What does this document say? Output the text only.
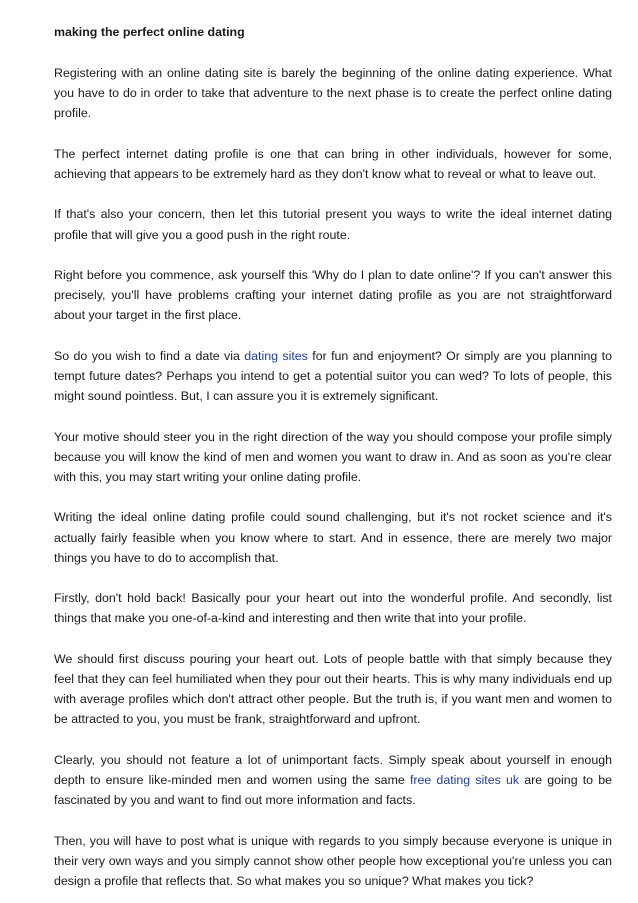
making the perfect online dating

Registering with an online dating site is barely the beginning of the online dating experience. What you have to do in order to take that adventure to the next phase is to create the perfect online dating profile.

The perfect internet dating profile is one that can bring in other individuals, however for some, achieving that appears to be extremely hard as they don't know what to reveal or what to leave out.

If that's also your concern, then let this tutorial present you ways to write the ideal internet dating profile that will give you a good push in the right route.

Right before you commence, ask yourself this 'Why do I plan to date online'? If you can't answer this precisely, you'll have problems crafting your internet dating profile as you are not straightforward about your target in the first place.

So do you wish to find a date via dating sites for fun and enjoyment? Or simply are you planning to tempt future dates? Perhaps you intend to get a potential suitor you can wed? To lots of people, this might sound pointless. But, I can assure you it is extremely significant.

Your motive should steer you in the right direction of the way you should compose your profile simply because you will know the kind of men and women you want to draw in. And as soon as you're clear with this, you may start writing your online dating profile.

Writing the ideal online dating profile could sound challenging, but it's not rocket science and it's actually fairly feasible when you know where to start. And in essence, there are merely two major things you have to do to accomplish that.

Firstly, don't hold back! Basically pour your heart out into the wonderful profile. And secondly, list things that make you one-of-a-kind and interesting and then write that into your profile.

We should first discuss pouring your heart out. Lots of people battle with that simply because they feel that they can feel humiliated when they pour out their hearts. This is why many individuals end up with average profiles which don't attract other people. But the truth is, if you want men and women to be attracted to you, you must be frank, straightforward and upfront.

Clearly, you should not feature a lot of unimportant facts. Simply speak about yourself in enough depth to ensure like-minded men and women using the same free dating sites uk are going to be fascinated by you and want to find out more information and facts.

Then, you will have to post what is unique with regards to you simply because everyone is unique in their very own ways and you simply cannot show other people how exceptional you're unless you can design a profile that reflects that. So what makes you so unique? What makes you tick?
